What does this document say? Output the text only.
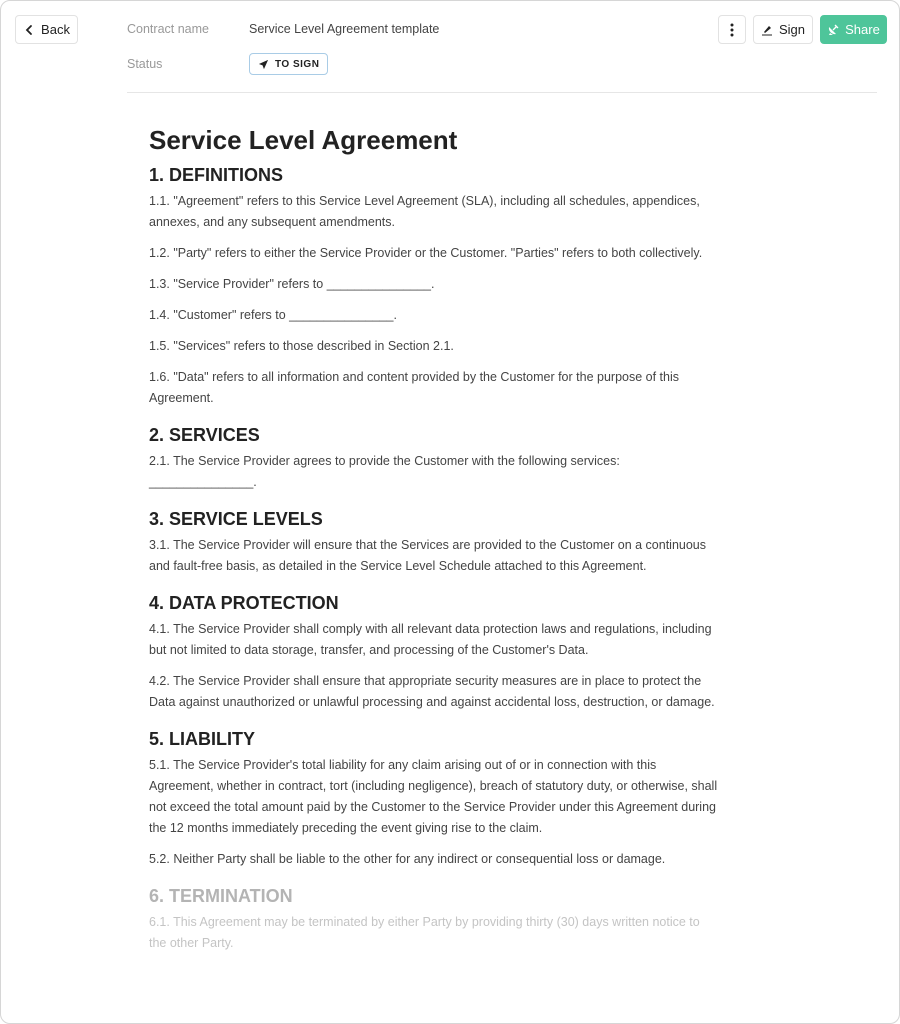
Back	Contract name	Service Level Agreement template
Status	TO SIGN
Sign	Share
Service Level Agreement
1. DEFINITIONS

1.1. "Agreement" refers to this Service Level Agreement (SLA), including all schedules, appendices, annexes, and any subsequent amendments.

1.2. "Party" refers to either the Service Provider or the Customer. "Parties" refers to both collectively.

1.3. "Service Provider" refers to _______________.

1.4. "Customer" refers to _______________.

1.5. "Services" refers to those described in Section 2.1.

1.6. "Data" refers to all information and content provided by the Customer for the purpose of this Agreement.

2. SERVICES

2.1. The Service Provider agrees to provide the Customer with the following services: _______________.

3. SERVICE LEVELS

3.1. The Service Provider will ensure that the Services are provided to the Customer on a continuous and fault-free basis, as detailed in the Service Level Schedule attached to this Agreement.

4. DATA PROTECTION

4.1. The Service Provider shall comply with all relevant data protection laws and regulations, including but not limited to data storage, transfer, and processing of the Customer's Data.

4.2. The Service Provider shall ensure that appropriate security measures are in place to protect the Data against unauthorized or unlawful processing and against accidental loss, destruction, or damage.

5. LIABILITY

5.1. The Service Provider's total liability for any claim arising out of or in connection with this Agreement, whether in contract, tort (including negligence), breach of statutory duty, or otherwise, shall not exceed the total amount paid by the Customer to the Service Provider under this Agreement during the 12 months immediately preceding the event giving rise to the claim.

5.2. Neither Party shall be liable to the other for any indirect or consequential loss or damage.

6. TERMINATION

6.1. This Agreement may be terminated by either Party by providing thirty (30) days written notice to the other Party.
